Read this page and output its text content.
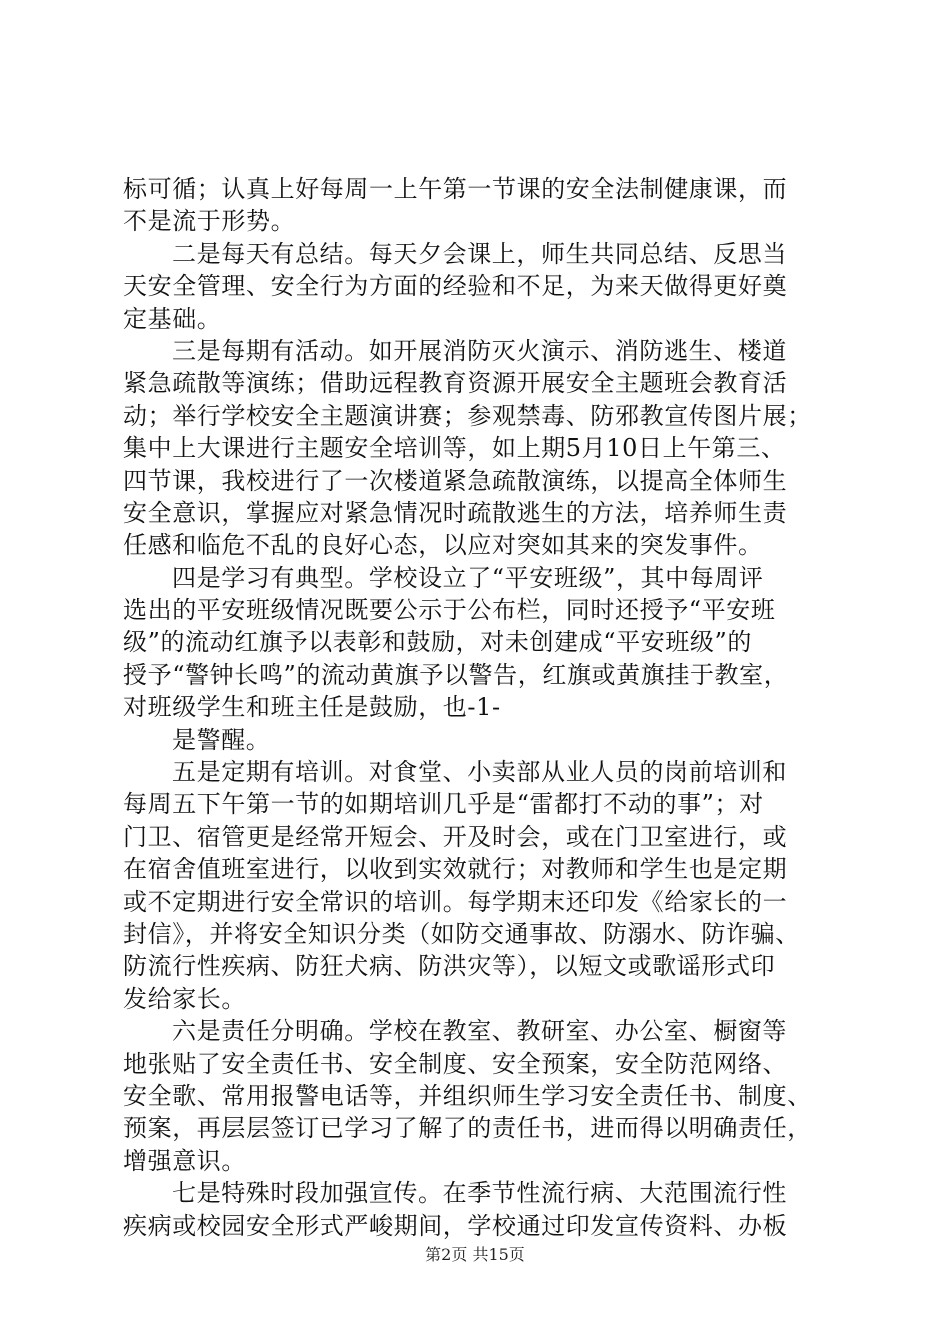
标可循；认真上好每周一上午第一节课的安全法制健康课，而
不是流于形势。
二是每天有总结。每天夕会课上，师生共同总结、反思当
天安全管理、安全行为方面的经验和不足，为来天做得更好奠
定基础。
三是每期有活动。如开展消防灭火演示、消防逃生、楼道
紧急疏散等演练；借助远程教育资源开展安全主题班会教育活
动；举行学校安全主题演讲赛；参观禁毒、防邪教宣传图片展；
集中上大课进行主题安全培训等，如上期5月10日上午第三、
四节课，我校进行了一次楼道紧急疏散演练，以提高全体师生
安全意识，掌握应对紧急情况时疏散逃生的方法，培养师生责
任感和临危不乱的良好心态，以应对突如其来的突发事件。
四是学习有典型。学校设立了“平安班级”，其中每周评
选出的平安班级情况既要公示于公布栏，同时还授予“平安班
级”的流动红旗予以表彰和鼓励，对未创建成“平安班级”的
授予“警钟长鸣”的流动黄旗予以警告，红旗或黄旗挂于教室，
对班级学生和班主任是鼓励，也-1-
是警醒。
五是定期有培训。对食堂、小卖部从业人员的岗前培训和
每周五下午第一节的如期培训几乎是“雷都打不动的事”；对
门卫、宿管更是经常开短会、开及时会，或在门卫室进行，或
在宿舍值班室进行，以收到实效就行；对教师和学生也是定期
或不定期进行安全常识的培训。每学期末还印发《给家长的一
封信》，并将安全知识分类（如防交通事故、防溺水、防诈骗、
防流行性疾病、防狂犬病、防洪灾等），以短文或歌谣形式印
发给家长。
六是责任分明确。学校在教室、教研室、办公室、橱窗等
地张贴了安全责任书、安全制度、安全预案，安全防范网络、
安全歌、常用报警电话等，并组织师生学习安全责任书、制度、
预案，再层层签订已学习了解了的责任书，进而得以明确责任，
增强意识。
七是特殊时段加强宣传。在季节性流行病、大范围流行性
疾病或校园安全形式严峻期间，学校通过印发宣传资料、办板
第2页 共15页
